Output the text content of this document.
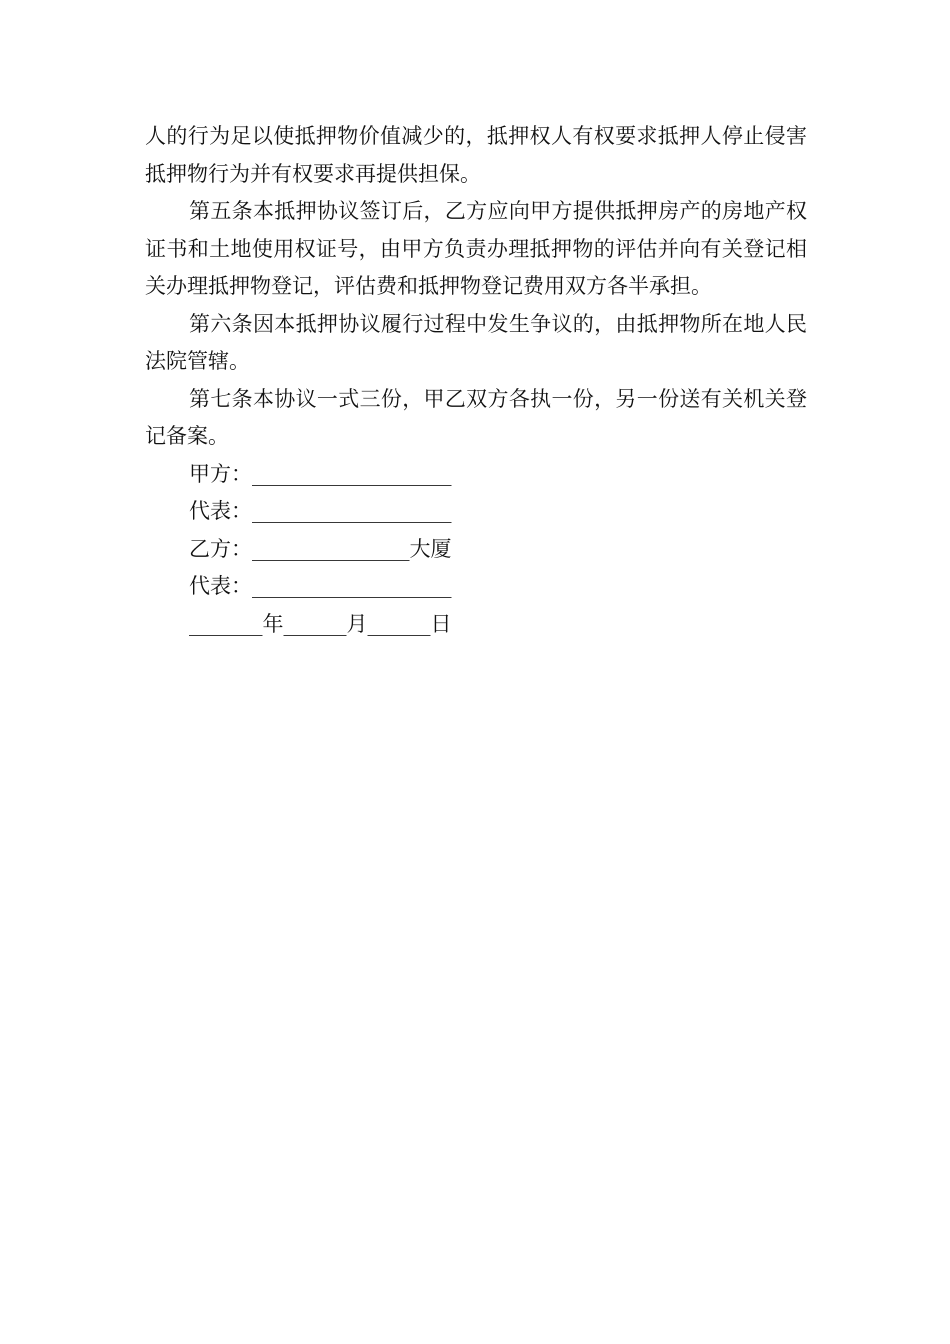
人的行为足以使抵押物价值减少的，抵押权人有权要求抵押人停止侵害抵押物行为并有权要求再提供担保。

第五条本抵押协议签订后，乙方应向甲方提供抵押房产的房地产权证书和土地使用权证号，由甲方负责办理抵押物的评估并向有关登记相关办理抵押物登记，评估费和抵押物登记费用双方各半承担。

第六条因本抵押协议履行过程中发生争议的，由抵押物所在地人民法院管辖。

第七条本协议一式三份，甲乙双方各执一份，另一份送有关机关登记备案。

甲方：___________________

代表：___________________

乙方：_______________大厦

代表：___________________

_______年______月______日
